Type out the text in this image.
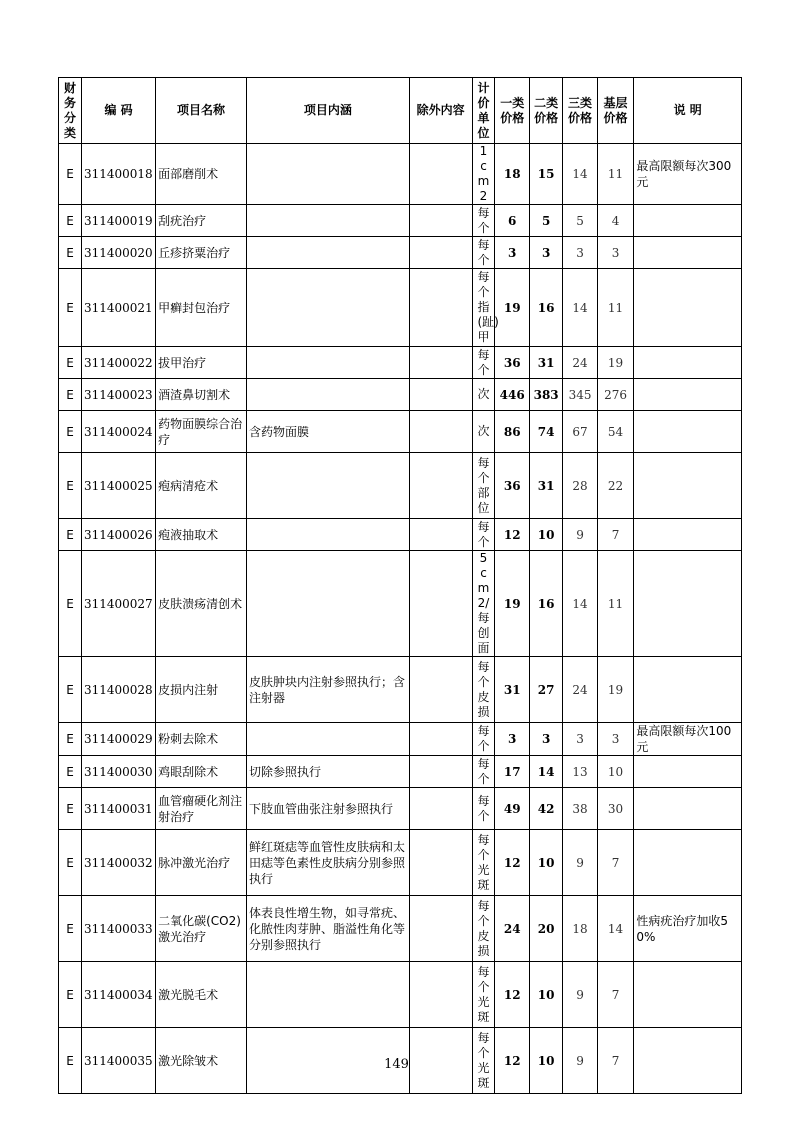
财务分类	编 码	项目名称	项目内涵	除外内容	计价单位	一类价格	二类价格	三类价格	基层价格	说 明
E	311400018	面部磨削术			1cm2	18	15	14	11	最高限额每次300元
E	311400019	刮疣治疗			每个	6	5	5	4	
E	311400020	丘疹挤粟治疗			每个	3	3	3	3	
E	311400021	甲癣封包治疗			每个指(趾)甲	19	16	14	11	
E	311400022	拔甲治疗			每个	36	31	24	19	
E	311400023	酒渣鼻切割术			次	446	383	345	276	
E	311400024	药物面膜综合治疗	含药物面膜		次	86	74	67	54	
E	311400025	疱病清疮术			每个部位	36	31	28	22	
E	311400026	疱液抽取术			每个	12	10	9	7	
E	311400027	皮肤溃疡清创术			5cm2/每创面	19	16	14	11	
E	311400028	皮损内注射	皮肤肿块内注射参照执行；含注射器		每个皮损	31	27	24	19	
E	311400029	粉刺去除术			每个	3	3	3	3	最高限额每次100元
E	311400030	鸡眼刮除术	切除参照执行		每个	17	14	13	10	
E	311400031	血管瘤硬化剂注射治疗	下肢血管曲张注射参照执行		每个	49	42	38	30	
E	311400032	脉冲激光治疗	鲜红斑痣等血管性皮肤病和太田痣等色素性皮肤病分别参照执行		每个光斑	12	10	9	7	
E	311400033	二氧化碳(CO2)激光治疗	体表良性增生物，如寻常疣、化脓性肉芽肿、脂溢性角化等分别参照执行		每个皮损	24	20	18	14	性病疣治疗加收50%
E	311400034	激光脱毛术			每个光斑	12	10	9	7	
E	311400035	激光除皱术			每个光斑	12	10	9	7	
149
